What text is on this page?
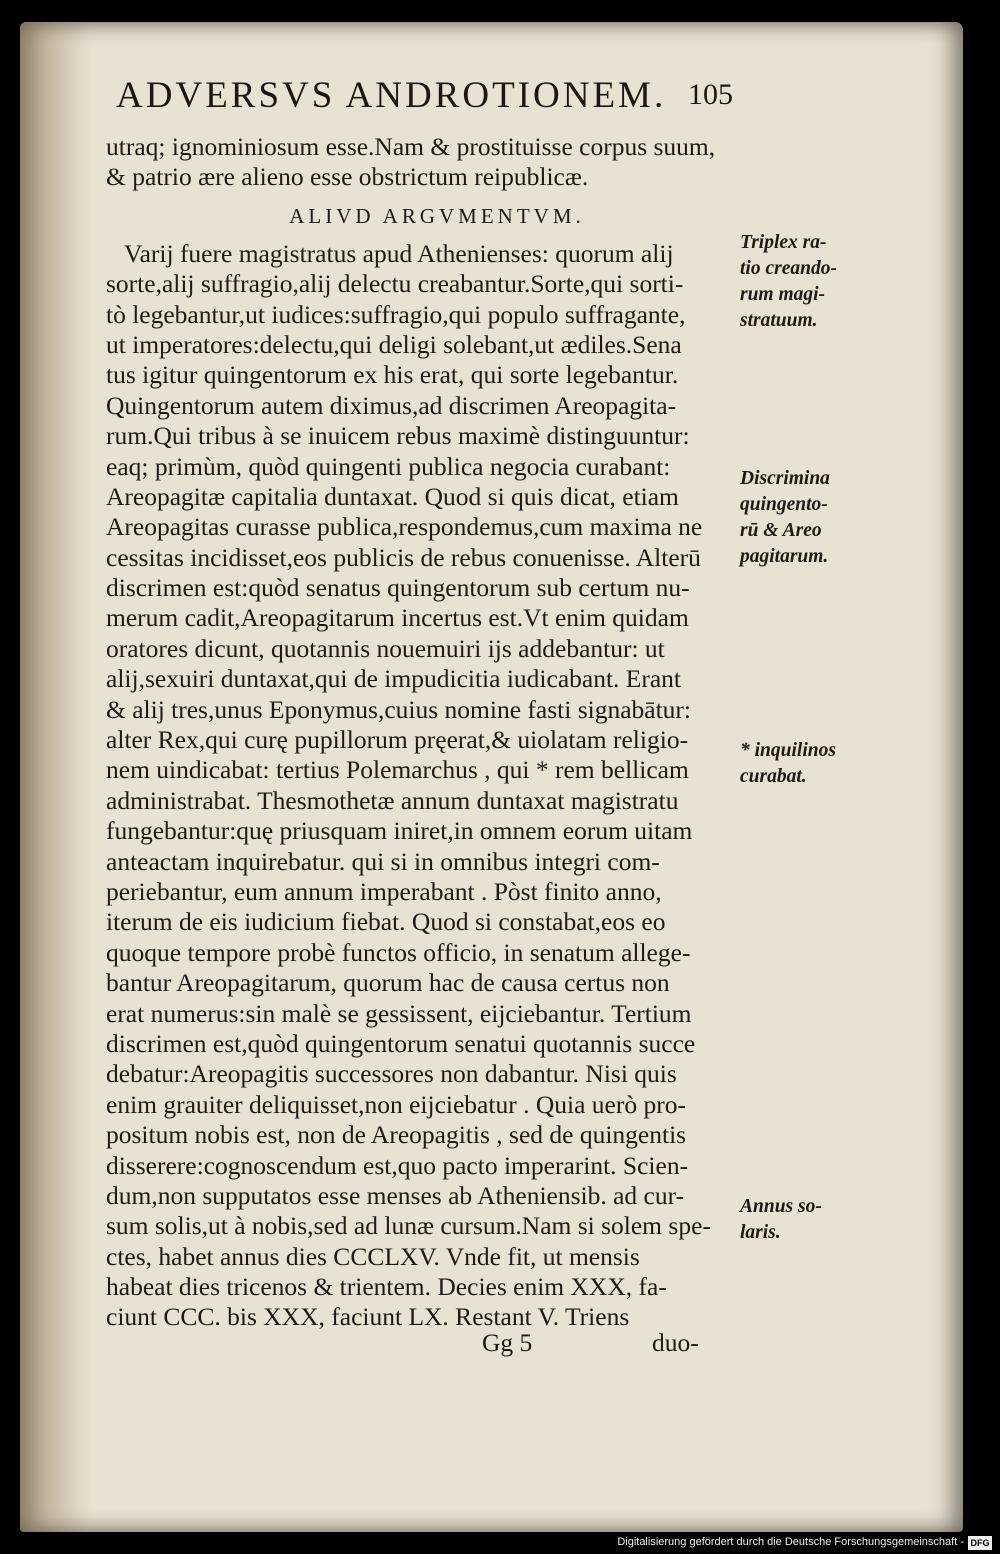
ADVERSVS ANDROTIONEM. 105
utraq; ignominiosum esse.Nam & prostituisse corpus suum,
& patrio ære alieno esse obstrictum reipublicæ.
ALIVD ARGVMENTVM.
Varij fuere magistratus apud Athenienses: quorum alij
sorte,alij suffragio,alij delectu creabantur.Sorte,qui sorti-
tò legebantur,ut iudices:suffragio,qui populo suffragante,
ut imperatores:delectu,qui deligi solebant,ut ædiles.Sena
tus igitur quingentorum ex his erat, qui sorte legebantur.
Quingentorum autem diximus,ad discrimen Areopagita-
rum.Qui tribus à se inuicem rebus maximè distinguuntur:
eaq; primùm, quòd quingenti publica negocia curabant:
Areopagitæ capitalia duntaxat. Quod si quis dicat, etiam
Areopagitas curasse publica,respondemus,cum maxima ne
cessitas incidisset,eos publicis de rebus conuenisse. Alterū
discrimen est:quòd senatus quingentorum sub certum nu-
merum cadit,Areopagitarum incertus est.Vt enim quidam
oratores dicunt, quotannis nouemuiri ijs addebantur: ut
alij,sexuiri duntaxat,qui de impudicitia iudicabant. Erant
& alij tres,unus Eponymus,cuius nomine fasti signabātur:
alter Rex,qui curę pupillorum pręerat,& uiolatam religio-
nem uindicabat: tertius Polemarchus , qui * rem bellicam
administrabat. Thesmothetæ annum duntaxat magistratu
fungebantur:quę priusquam iniret,in omnem eorum uitam
anteactam inquirebatur. qui si in omnibus integri com-
periebantur, eum annum imperabant . Pòst finito anno,
iterum de eis iudicium fiebat. Quod si constabat,eos eo
quoque tempore probè functos officio, in senatum allege-
bantur Areopagitarum, quorum hac de causa certus non
erat numerus:sin malè se gessissent, eijciebantur. Tertium
discrimen est,quòd quingentorum senatui quotannis succe
debatur:Areopagitis successores non dabantur. Nisi quis
enim grauiter deliquisset,non eijciebatur . Quia uerò pro-
positum nobis est, non de Areopagitis , sed de quingentis
disserere:cognoscendum est,quo pacto imperarint. Scien-
dum,non supputatos esse menses ab Atheniensib. ad cur-
sum solis,ut à nobis,sed ad lunæ cursum.Nam si solem spe-
ctes, habet annus dies CCCLXV. Vnde fit, ut mensis
habeat dies tricenos & trientem. Decies enim XXX, fa-
ciunt CCC. bis XXX, faciunt LX. Restant V. Triens
Triplex ra-
tio creando-
rum magi-
stratuum.
Discrimina
quingento-
rū & Areo
pagitarum.
* inquilinos
curabat.
Annus so-
laris.
Gg 5	duo-
Digitalisierung gefördert durch die Deutsche Forschungsgemeinschaft - DFG
